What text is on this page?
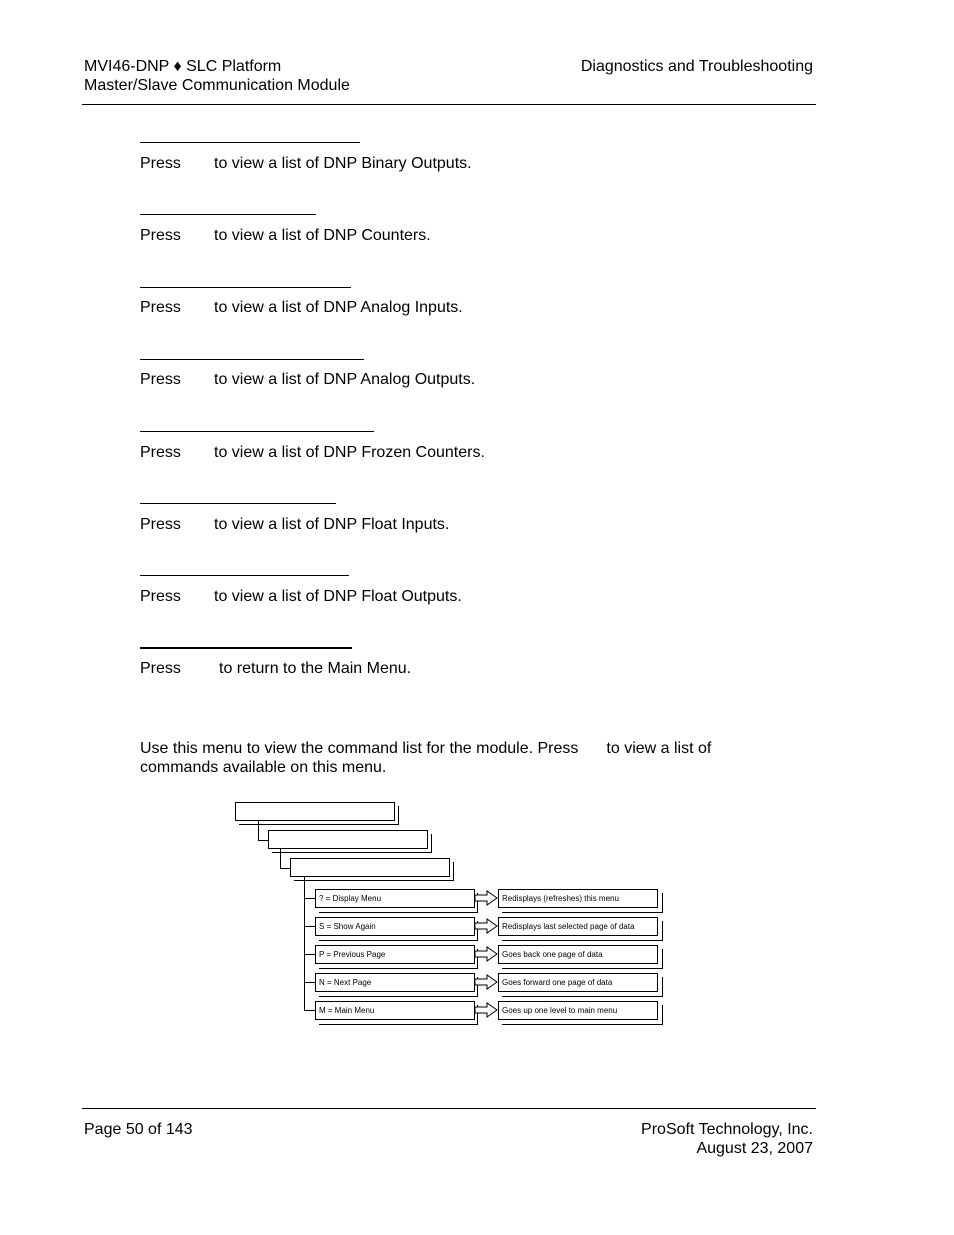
MVI46-DNP ♦ SLC Platform
Master/Slave Communication Module
Diagnostics and Troubleshooting
Press to view a list of DNP Binary Outputs.
Press to view a list of DNP Counters.
Press to view a list of DNP Analog Inputs.
Press to view a list of DNP Analog Outputs.
Press to view a list of DNP Frozen Counters.
Press to view a list of DNP Float Inputs.
Press to view a list of DNP Float Outputs.
Press to return to the Main Menu.
Use this menu to view the command list for the module. Press to view a list of commands available on this menu.
? = Display Menu	Redisplays (refreshes) this menu
S = Show Again	Redisplays last selected page of data
P = Previous Page	Goes back one page of data
N = Next Page	Goes forward one page of data
M = Main Menu	Goes up one level to main menu
Page 50 of 143	ProSoft Technology, Inc.
August 23, 2007
